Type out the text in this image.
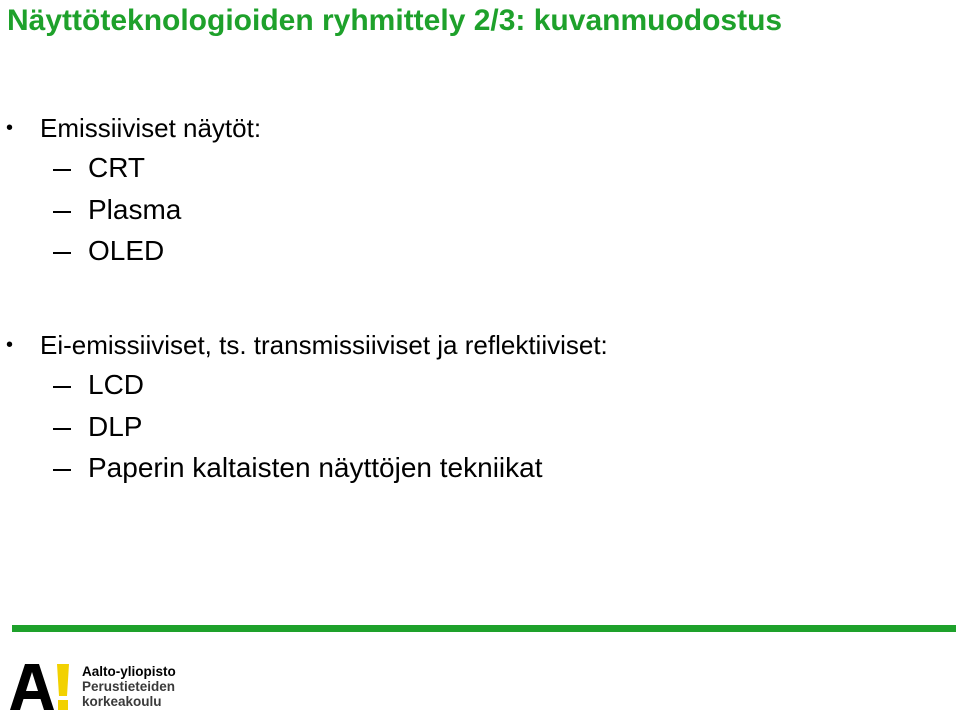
Näyttöteknologioiden ryhmittely 2/3: kuvanmuodostus
• Emissiiviset näytöt:
CRT
Plasma
OLED
• Ei-emissiiviset, ts. transmissiiviset ja reflektiiviset:
LCD
DLP
Paperin kaltaisten näyttöjen tekniikat
Aalto-yliopisto
Perustieteiden
korkeakoulu
